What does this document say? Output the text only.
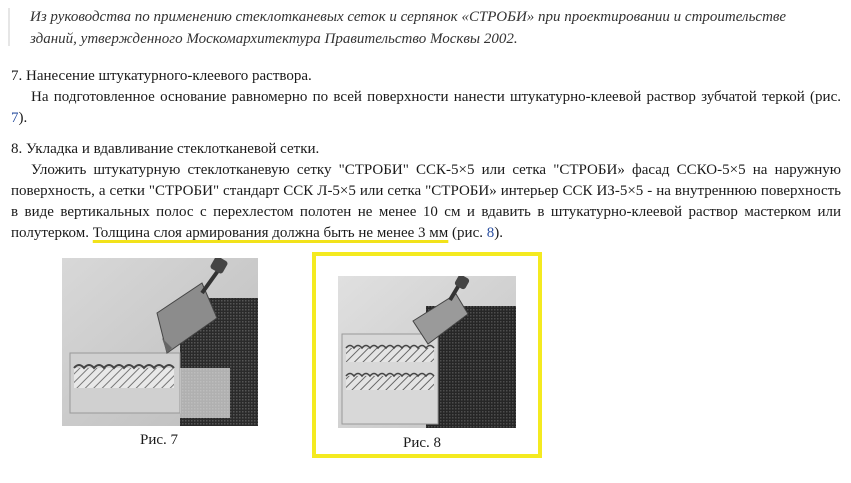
Из руководства по применению стеклотканевых сеток и серпянок «СТРОБИ» при проектировании и строительстве зданий, утвержденного Москомархитектура Правительство Москвы 2002.

7. Нанесение штукатурного-клеевого раствора.

На подготовленное основание равномерно по всей поверхности нанести штукатурно-клеевой раствор зубчатой теркой (рис. 7).

8. Укладка и вдавливание стеклотканевой сетки.

Уложить штукатурную стеклотканевую сетку "СТРОБИ" ССК-5×5 или сетка "СТРОБИ» фасад ССКО-5×5 на наружную поверхность, а сетки "СТРОБИ" стандарт ССК Л-5×5 или сетка "СТРОБИ» интерьер ССК ИЗ-5×5 - на внутреннюю поверхность в виде вертикальных полос с перехлестом полотен не менее 10 см и вдавить в штукатурно-клеевой раствор мастерком или полутерком. Толщина слоя армирования должна быть не менее 3 мм (рис. 8).

Рис. 7	Рис. 8
